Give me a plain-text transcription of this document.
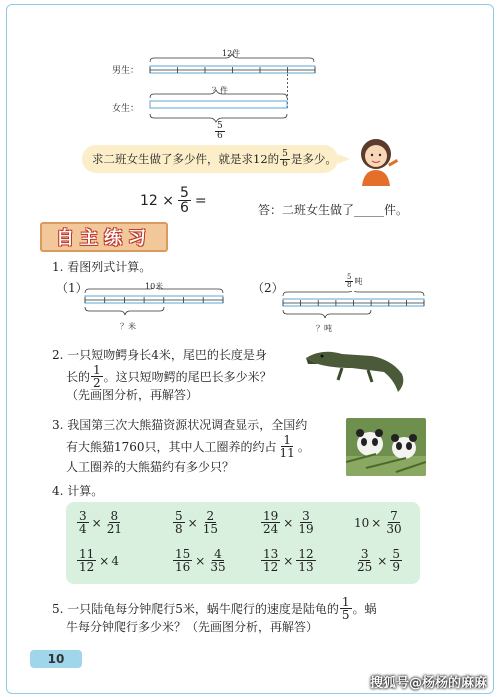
12件
男生：
女生：
？件
$\frac{5}{6}$
求二班女生做了多少件，就是求12的 $\frac{5}{6}$ 是多少。
$12 \times \frac{5}{6}$ =
答：二班女生做了_____件。
自主练习
1. 看图列式计算。
（1）	10米
？米
（2）	$\frac{5}{8}$ 吨
？吨
2. 一只短吻鳄身长4米，尾巴的长度是身
长的 $\frac{1}{2}$ 。这只短吻鳄的尾巴长多少米？
（先画图分析，再解答）
3. 我国第三次大熊猫资源状况调查显示，全国约
有大熊猫1760只，其中人工圈养的约占 $\frac{1}{11}$ 。
人工圈养的大熊猫约有多少只？
4. 计算。
$\frac{3}{4} \times \frac{8}{21}$	$\frac{5}{8} \times \frac{2}{15}$	$\frac{19}{24} \times \frac{3}{19}$	$10 \times \frac{7}{30}$
$\frac{11}{12} \times 4$	$\frac{15}{16} \times \frac{4}{35}$	$\frac{13}{12} \times \frac{12}{13}$	$\frac{3}{25} \times \frac{5}{9}$
5. 一只陆龟每分钟爬行5米，蜗牛爬行的速度是陆龟的 $\frac{1}{5}$ 。蜗
牛每分钟爬行多少米？（先画图分析，再解答）
10
搜狐号@杨杨的麻麻
